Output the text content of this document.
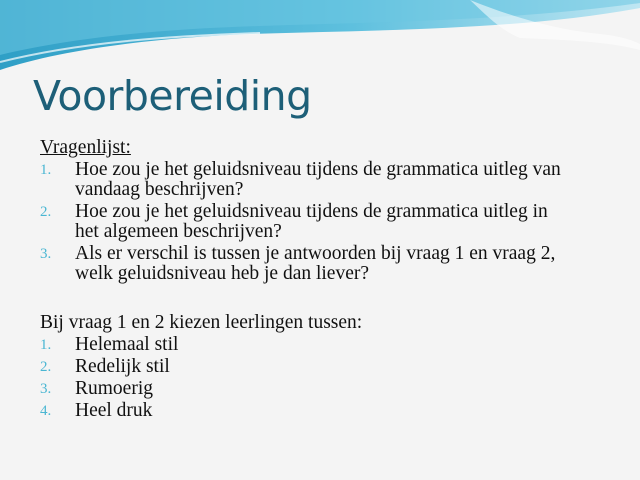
Voorbereiding
Vragenlijst:
1. Hoe zou je het geluidsniveau tijdens de grammatica uitleg van
vandaag beschrijven?
2. Hoe zou je het geluidsniveau tijdens de grammatica uitleg in
het algemeen beschrijven?
3. Als er verschil is tussen je antwoorden bij vraag 1 en vraag 2,
welk geluidsniveau heb je dan liever?
Bij vraag 1 en 2 kiezen leerlingen tussen:
1. Helemaal stil
2. Redelijk stil
3. Rumoerig
4. Heel druk
